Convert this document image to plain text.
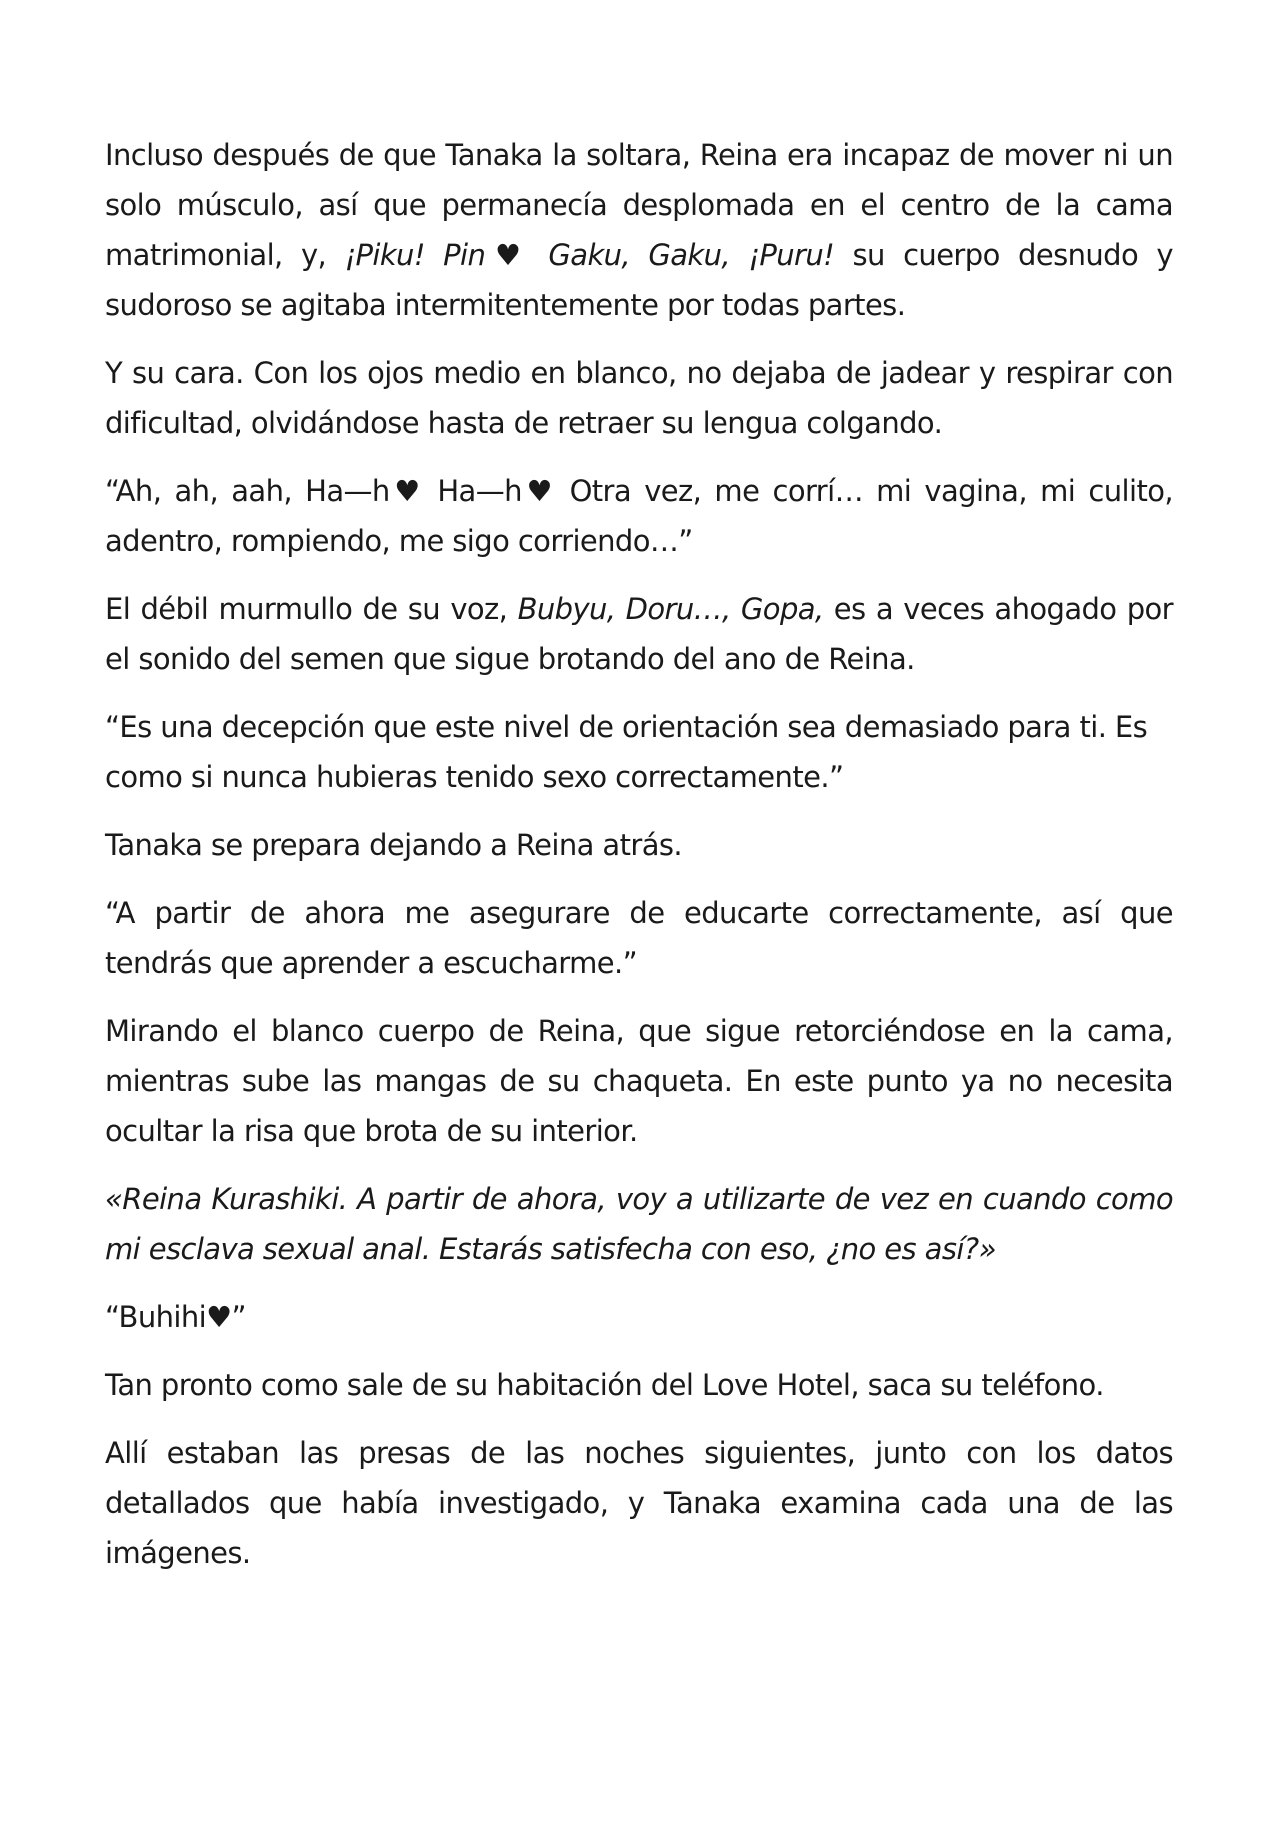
Incluso después de que Tanaka la soltara, Reina era incapaz de mover ni un solo músculo, así que permanecía desplomada en el centro de la cama matrimonial, y, ¡Piku! Pin♥ Gaku, Gaku, ¡Puru! su cuerpo desnudo y sudoroso se agitaba intermitentemente por todas partes.

Y su cara. Con los ojos medio en blanco, no dejaba de jadear y respirar con dificultad, olvidándose hasta de retraer su lengua colgando.

“Ah, ah, aah, Ha—h♥ Ha—h♥ Otra vez, me corrí… mi vagina, mi culito, adentro, rompiendo, me sigo corriendo…”

El débil murmullo de su voz, Bubyu, Doru…, Gopa, es a veces ahogado por el sonido del semen que sigue brotando del ano de Reina.

“Es una decepción que este nivel de orientación sea demasiado para ti. Es como si nunca hubieras tenido sexo correctamente.”

Tanaka se prepara dejando a Reina atrás.

“A partir de ahora me asegurare de educarte correctamente, así que tendrás que aprender a escucharme.”

Mirando el blanco cuerpo de Reina, que sigue retorciéndose en la cama, mientras sube las mangas de su chaqueta. En este punto ya no necesita ocultar la risa que brota de su interior.

«Reina Kurashiki. A partir de ahora, voy a utilizarte de vez en cuando como mi esclava sexual anal. Estarás satisfecha con eso, ¿no es así?»

“Buhihi♥”

Tan pronto como sale de su habitación del Love Hotel, saca su teléfono.

Allí estaban las presas de las noches siguientes, junto con los datos detallados que había investigado, y Tanaka examina cada una de las imágenes.
